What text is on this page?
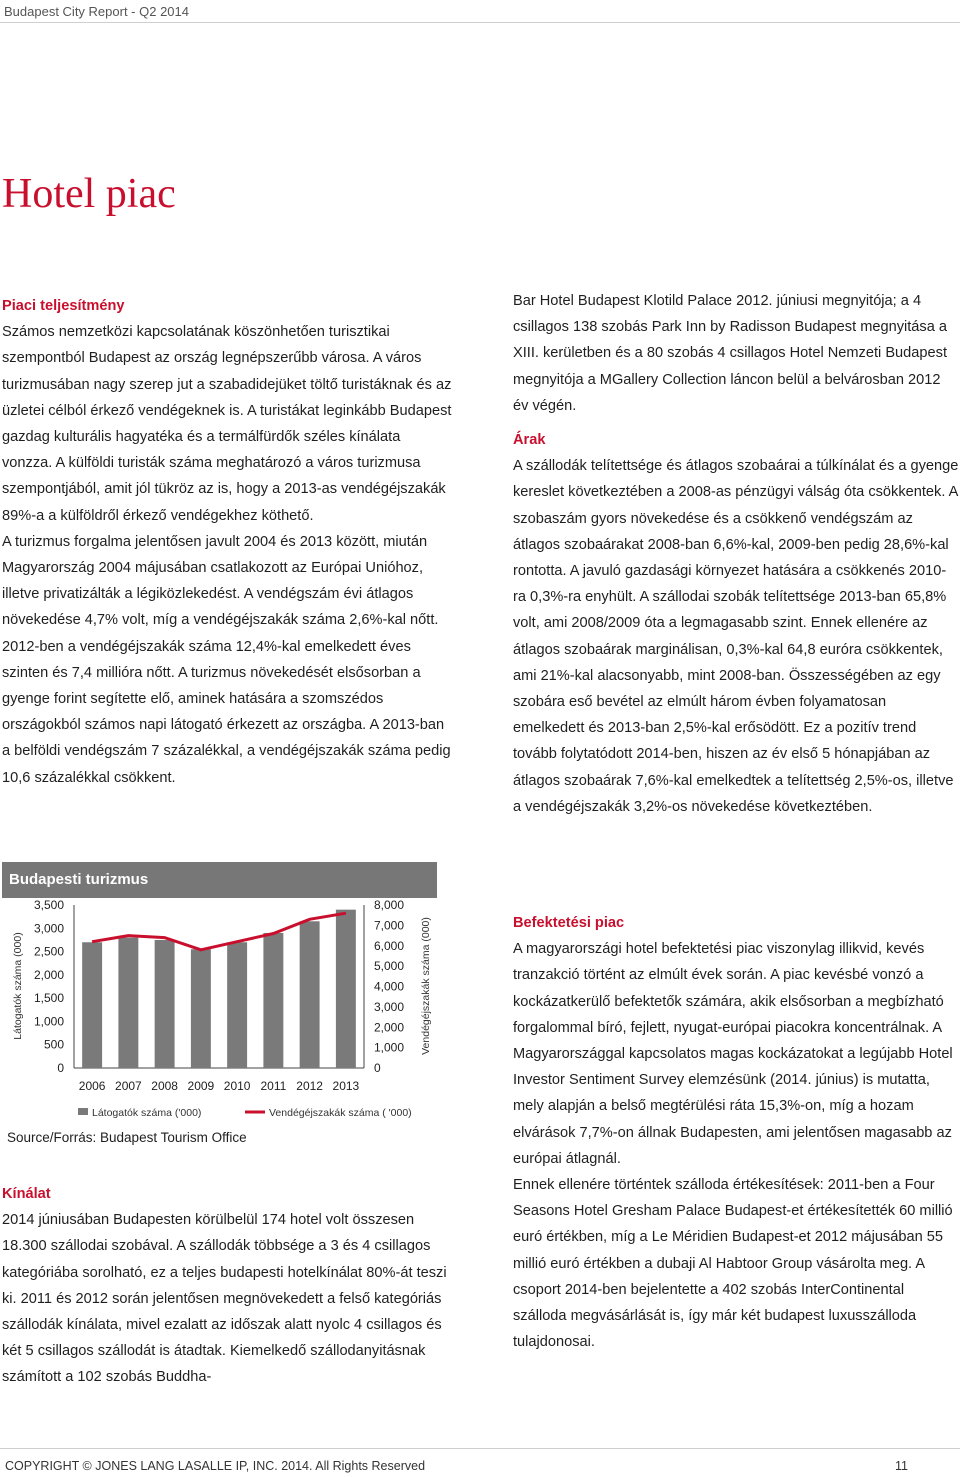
Budapest City Report - Q2 2014
Hotel piac

Piaci teljesítmény

Számos nemzetközi kapcsolatának köszönhetően turisztikai szempontból Budapest az ország legnépszerűbb városa. A város turizmusában nagy szerep jut a szabadidejüket töltő turistáknak és az üzletei célból érkező vendégeknek is. A turistákat leginkább Budapest gazdag kulturális hagyatéka és a termálfürdők széles kínálata vonzza. A külföldi turisták száma meghatározó a város turizmusa szempontjából, amit jól tükröz az is, hogy a 2013-as vendégéjszakák 89%-a a külföldről érkező vendégekhez köthető.

A turizmus forgalma jelentősen javult 2004 és 2013 között, miután Magyarország 2004 májusában csatlakozott az Európai Unióhoz, illetve privatizálták a légiközlekedést. A vendégszám évi átlagos növekedése 4,7% volt, míg a vendégéjszakák száma 2,6%-kal nőtt. 2012-ben a vendégéjszakák száma 12,4%-kal emelkedett éves szinten és 7,4 millióra nőtt. A turizmus növekedését elsősorban a gyenge forint segítette elő, aminek hatására a szomszédos országokból számos napi látogató érkezett az országba. A 2013-ban a belföldi vendégszám 7 százalékkal, a vendégéjszakák száma pedig 10,6 százalékkal csökkent.

Budapesti turizmus
0
500
1,000
1,500
2,000
2,500
3,000
3,500
0
1,000
2,000
3,000
4,000
5,000
6,000
7,000
8,000
2006 2007 2008 2009 2010 2011 2012 2013
Látogatók száma (000)	Vendégéjszakák száma (000)
Látogatók száma ('000)	Vendégéjszakák száma ( '000)
Source/Forrás: Budapest Tourism Office

Kínálat

2014 júniusában Budapesten körülbelül 174 hotel volt összesen 18.300 szállodai szobával. A szállodák többsége a 3 és 4 csillagos kategóriába sorolható, ez a teljes budapesti hotelkínálat 80%-át teszi ki. 2011 és 2012 során jelentősen megnövekedett a felső kategóriás szállodák kínálata, mivel ezalatt az időszak alatt nyolc 4 csillagos és két 5 csillagos szállodát is átadtak. Kiemelkedő szállodanyitásnak számított a 102 szobás Buddha-

Bar Hotel Budapest Klotild Palace 2012. júniusi megnyitója; a 4 csillagos 138 szobás Park Inn by Radisson Budapest megnyitása a XIII. kerületben és a 80 szobás 4 csillagos Hotel Nemzeti Budapest megnyitója a MGallery Collection láncon belül a belvárosban 2012 év végén.

Árak

A szállodák telítettsége és átlagos szobaárai a túlkínálat és a gyenge kereslet következtében a 2008-as pénzügyi válság óta csökkentek. A szobaszám gyors növekedése és a csökkenő vendégszám az átlagos szobaárakat 2008-ban 6,6%-kal, 2009-ben pedig 28,6%-kal rontotta. A javuló gazdasági környezet hatására a csökkenés 2010-ra 0,3%-ra enyhült. A szállodai szobák telítettsége 2013-ban 65,8% volt, ami 2008/2009 óta a legmagasabb szint. Ennek ellenére az átlagos szobaárak marginálisan, 0,3%-kal 64,8 euróra csökkentek, ami 21%-kal alacsonyabb, mint 2008-ban. Összességében az egy szobára eső bevétel az elmúlt három évben folyamatosan emelkedett és 2013-ban 2,5%-kal erősödött. Ez a pozitív trend tovább folytatódott 2014-ben, hiszen az év első 5 hónapjában az átlagos szobaárak 7,6%-kal emelkedtek a telítettség 2,5%-os, illetve a vendégéjszakák 3,2%-os növekedése következtében.

Befektetési piac

A magyarországi hotel befektetési piac viszonylag illikvid, kevés tranzakció történt az elmúlt évek során. A piac kevésbé vonzó a kockázatkerülő befektetők számára, akik elsősorban a megbízható forgalommal bíró, fejlett, nyugat-európai piacokra koncentrálnak. A Magyarországgal kapcsolatos magas kockázatokat a legújabb Hotel Investor Sentiment Survey elemzésünk (2014. június) is mutatta, mely alapján a belső megtérülési ráta 15,3%-on, míg a hozam elvárások 7,7%-on állnak Budapesten, ami jelentősen magasabb az európai átlagnál.

Ennek ellenére történtek szálloda értékesítések: 2011-ben a Four Seasons Hotel Gresham Palace Budapest-et értékesítették 60 millió euró értékben, míg a Le Méridien Budapest-et 2012 májusában 55 millió euró értékben a dubaji Al Habtoor Group vásárolta meg. A csoport 2014-ben bejelentette a 402 szobás InterContinental szálloda megvásárlását is, így már két budapest luxusszálloda tulajdonosai.

COPYRIGHT © JONES LANG LASALLE IP, INC. 2014. All Rights Reserved	11
